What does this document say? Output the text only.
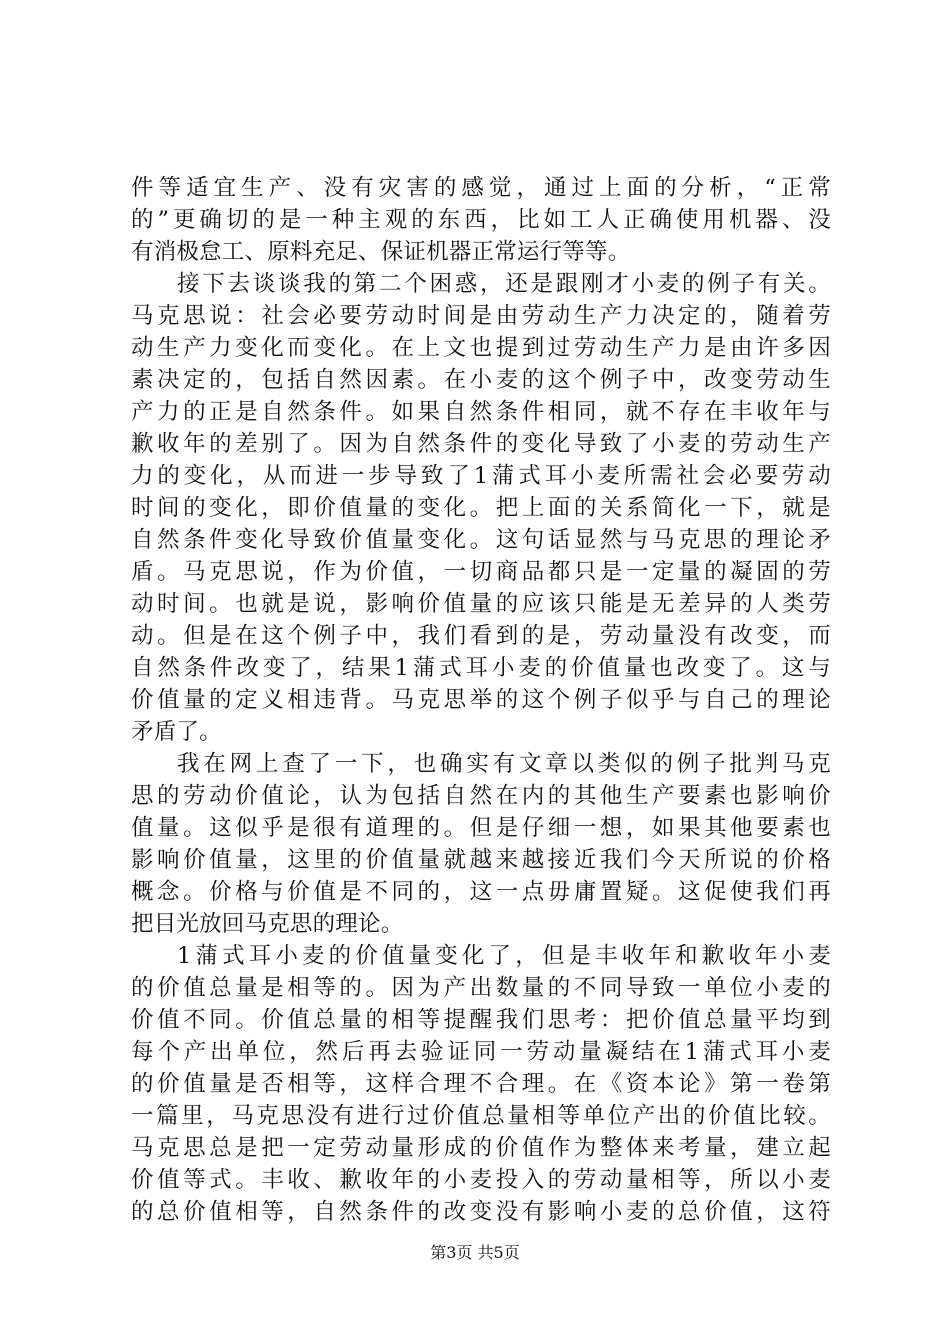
件等适宜生产、没有灾害的感觉，通过上面的分析，“正常
的”更确切的是一种主观的东西，比如工人正确使用机器、没
有消极怠工、原料充足、保证机器正常运行等等。
接下去谈谈我的第二个困惑，还是跟刚才小麦的例子有关。
马克思说：社会必要劳动时间是由劳动生产力决定的，随着劳
动生产力变化而变化。在上文也提到过劳动生产力是由许多因
素决定的，包括自然因素。在小麦的这个例子中，改变劳动生
产力的正是自然条件。如果自然条件相同，就不存在丰收年与
歉收年的差别了。因为自然条件的变化导致了小麦的劳动生产
力的变化，从而进一步导致了1蒲式耳小麦所需社会必要劳动
时间的变化，即价值量的变化。把上面的关系简化一下，就是
自然条件变化导致价值量变化。这句话显然与马克思的理论矛
盾。马克思说，作为价值，一切商品都只是一定量的凝固的劳
动时间。也就是说，影响价值量的应该只能是无差异的人类劳
动。但是在这个例子中，我们看到的是，劳动量没有改变，而
自然条件改变了，结果1蒲式耳小麦的价值量也改变了。这与
价值量的定义相违背。马克思举的这个例子似乎与自己的理论
矛盾了。
我在网上查了一下，也确实有文章以类似的例子批判马克
思的劳动价值论，认为包括自然在内的其他生产要素也影响价
值量。这似乎是很有道理的。但是仔细一想，如果其他要素也
影响价值量，这里的价值量就越来越接近我们今天所说的价格
概念。价格与价值是不同的，这一点毋庸置疑。这促使我们再
把目光放回马克思的理论。
1蒲式耳小麦的价值量变化了，但是丰收年和歉收年小麦
的价值总量是相等的。因为产出数量的不同导致一单位小麦的
价值不同。价值总量的相等提醒我们思考：把价值总量平均到
每个产出单位，然后再去验证同一劳动量凝结在1蒲式耳小麦
的价值量是否相等，这样合理不合理。在《资本论》第一卷第
一篇里，马克思没有进行过价值总量相等单位产出的价值比较。
马克思总是把一定劳动量形成的价值作为整体来考量，建立起
价值等式。丰收、歉收年的小麦投入的劳动量相等，所以小麦
的总价值相等，自然条件的改变没有影响小麦的总价值，这符
第3页 共5页
